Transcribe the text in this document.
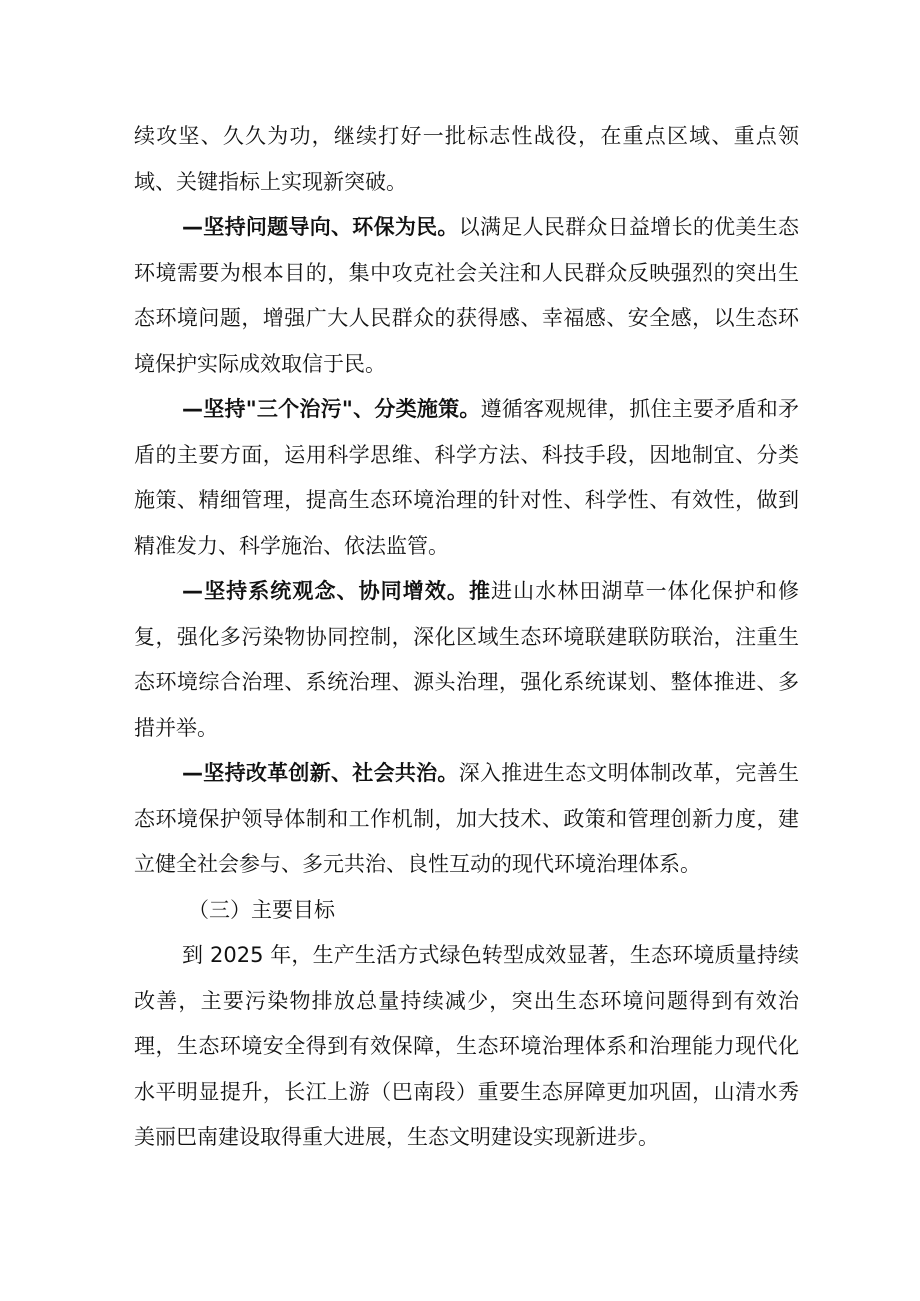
续攻坚、久久为功，继续打好一批标志性战役，在重点区域、重点领域、关键指标上实现新突破。

—坚持问题导向、环保为民。以满足人民群众日益增长的优美生态环境需要为根本目的，集中攻克社会关注和人民群众反映强烈的突出生态环境问题，增强广大人民群众的获得感、幸福感、安全感，以生态环境保护实际成效取信于民。

—坚持"三个治污"、分类施策。遵循客观规律，抓住主要矛盾和矛盾的主要方面，运用科学思维、科学方法、科技手段，因地制宜、分类施策、精细管理，提高生态环境治理的针对性、科学性、有效性，做到精准发力、科学施治、依法监管。

—坚持系统观念、协同增效。推进山水林田湖草一体化保护和修复，强化多污染物协同控制，深化区域生态环境联建联防联治，注重生态环境综合治理、系统治理、源头治理，强化系统谋划、整体推进、多措并举。

—坚持改革创新、社会共治。深入推进生态文明体制改革，完善生态环境保护领导体制和工作机制，加大技术、政策和管理创新力度，建立健全社会参与、多元共治、良性互动的现代环境治理体系。

（三）主要目标

到 2025 年，生产生活方式绿色转型成效显著，生态环境质量持续改善，主要污染物排放总量持续减少，突出生态环境问题得到有效治理，生态环境安全得到有效保障，生态环境治理体系和治理能力现代化水平明显提升，长江上游（巴南段）重要生态屏障更加巩固，山清水秀美丽巴南建设取得重大进展，生态文明建设实现新进步。
